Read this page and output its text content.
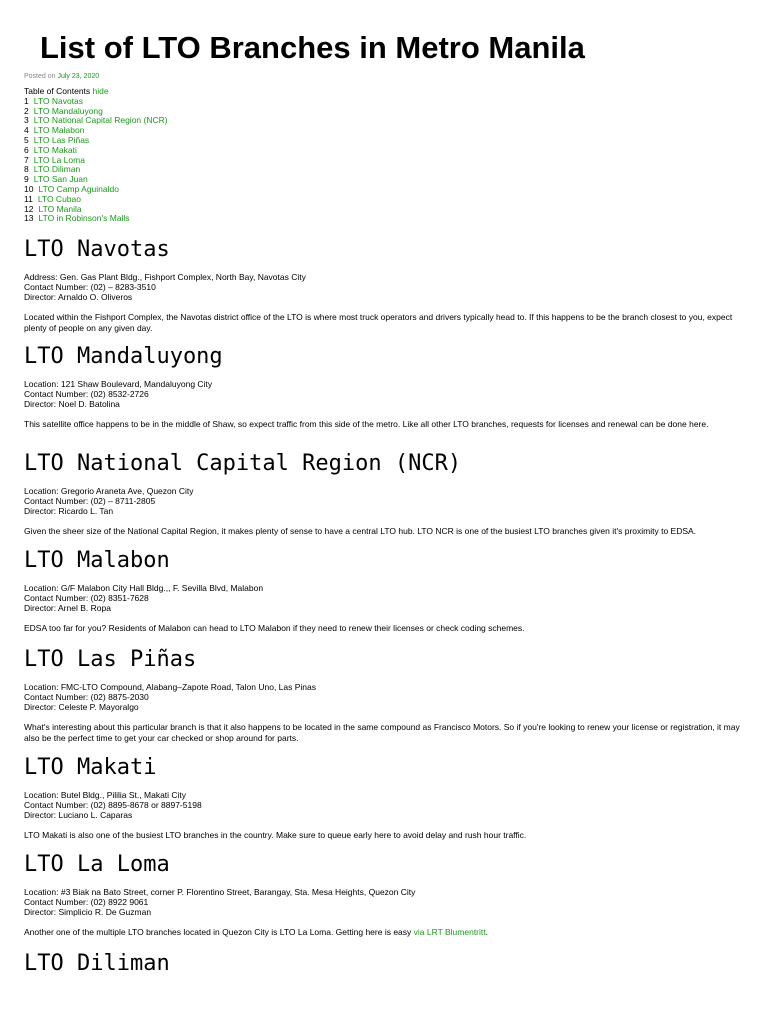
List of LTO Branches in Metro Manila
Posted on July 23, 2020
Table of Contents hide
1 LTO Navotas
2 LTO Mandaluyong
3 LTO National Capital Region (NCR)
4 LTO Malabon
5 LTO Las Piñas
6 LTO Makati
7 LTO La Loma
8 LTO Diliman
9 LTO San Juan
10 LTO Camp Aguinaldo
11 LTO Cubao
12 LTO Manila
13 LTO in Robinson's Malls
LTO Navotas
Address: Gen. Gas Plant Bldg., Fishport Complex, North Bay, Navotas City
Contact Number: (02) – 8283-3510
Director: Arnaldo O. Oliveros

Located within the Fishport Complex, the Navotas district office of the LTO is where most truck operators and drivers typically head to. If this happens to be the branch closest to you, expect plenty of people on any given day.

LTO Mandaluyong
Location: 121 Shaw Boulevard, Mandaluyong City
Contact Number: (02) 8532-2726
Director: Noel D. Batolina

This satellite office happens to be in the middle of Shaw, so expect traffic from this side of the metro. Like all other LTO branches, requests for licenses and renewal can be done here.

LTO National Capital Region (NCR)
Location: Gregorio Araneta Ave, Quezon City
Contact Number: (02) – 8711-2805
Director: Ricardo L. Tan

Given the sheer size of the National Capital Region, it makes plenty of sense to have a central LTO hub. LTO NCR is one of the busiest LTO branches given it's proximity to EDSA.

LTO Malabon
Location: G/F Malabon City Hall Bldg.,, F. Sevilla Blvd, Malabon
Contact Number: (02) 8351-7628
Director: Arnel B. Ropa

EDSA too far for you? Residents of Malabon can head to LTO Malabon if they need to renew their licenses or check coding schemes.

LTO Las Piñas
Location: FMC-LTO Compound, Alabang–Zapote Road, Talon Uno, Las Pinas
Contact Number: (02) 8875-2030
Director: Celeste P. Mayoralgo

What's interesting about this particular branch is that it also happens to be located in the same compound as Francisco Motors. So if you're looking to renew your license or registration, it may also be the perfect time to get your car checked or shop around for parts.

LTO Makati
Location: Butel Bldg., Pililia St., Makati City
Contact Number: (02) 8895-8678 or 8897-5198
Director: Luciano L. Caparas

LTO Makati is also one of the busiest LTO branches in the country. Make sure to queue early here to avoid delay and rush hour traffic.

LTO La Loma
Location: #3 Biak na Bato Street, corner P. Florentino Street, Barangay, Sta. Mesa Heights, Quezon City
Contact Number: (02) 8922 9061
Director: Simplicio R. De Guzman

Another one of the multiple LTO branches located in Quezon City is LTO La Loma. Getting here is easy via LRT Blumentritt.

LTO Diliman
